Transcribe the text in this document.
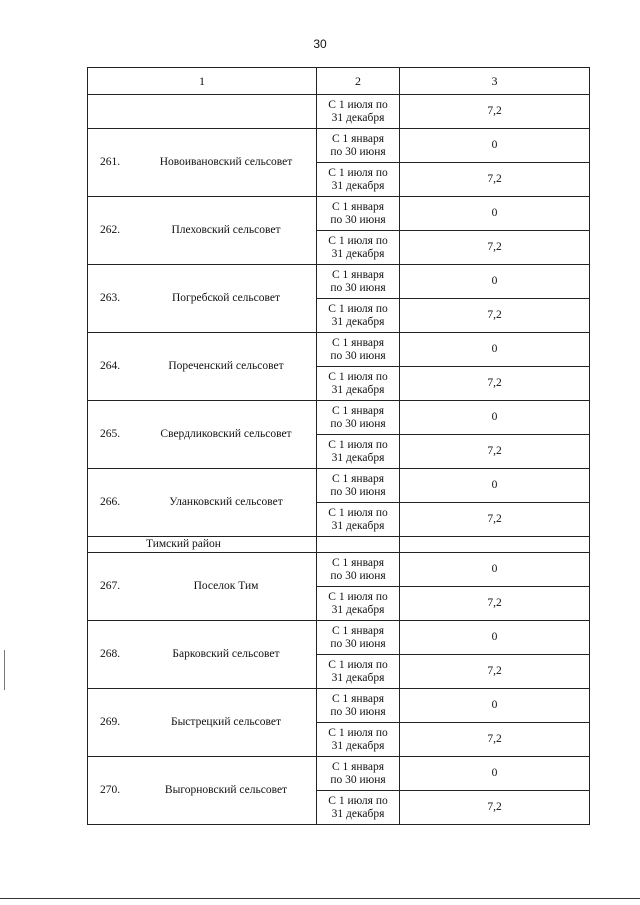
30
1	2	3
	С 1 июля по
31 декабря	7,2
261. Новоивановский сельсовет	С 1 января
по 30 июня	0
	С 1 июля по
31 декабря	7,2
262. Плеховский сельсовет	С 1 января
по 30 июня	0
	С 1 июля по
31 декабря	7,2
263. Погребской сельсовет	С 1 января
по 30 июня	0
	С 1 июля по
31 декабря	7,2
264. Пореченский сельсовет	С 1 января
по 30 июня	0
	С 1 июля по
31 декабря	7,2
265. Свердликовский сельсовет	С 1 января
по 30 июня	0
	С 1 июля по
31 декабря	7,2
266. Уланковский сельсовет	С 1 января
по 30 июня	0
	С 1 июля по
31 декабря	7,2
Тимский район		
267. Поселок Тим	С 1 января
по 30 июня	0
	С 1 июля по
31 декабря	7,2
268. Барковский сельсовет	С 1 января
по 30 июня	0
	С 1 июля по
31 декабря	7,2
269. Быстрецкий сельсовет	С 1 января
по 30 июня	0
	С 1 июля по
31 декабря	7,2
270. Выгорновский сельсовет	С 1 января
по 30 июня	0
	С 1 июля по
31 декабря	7,2
